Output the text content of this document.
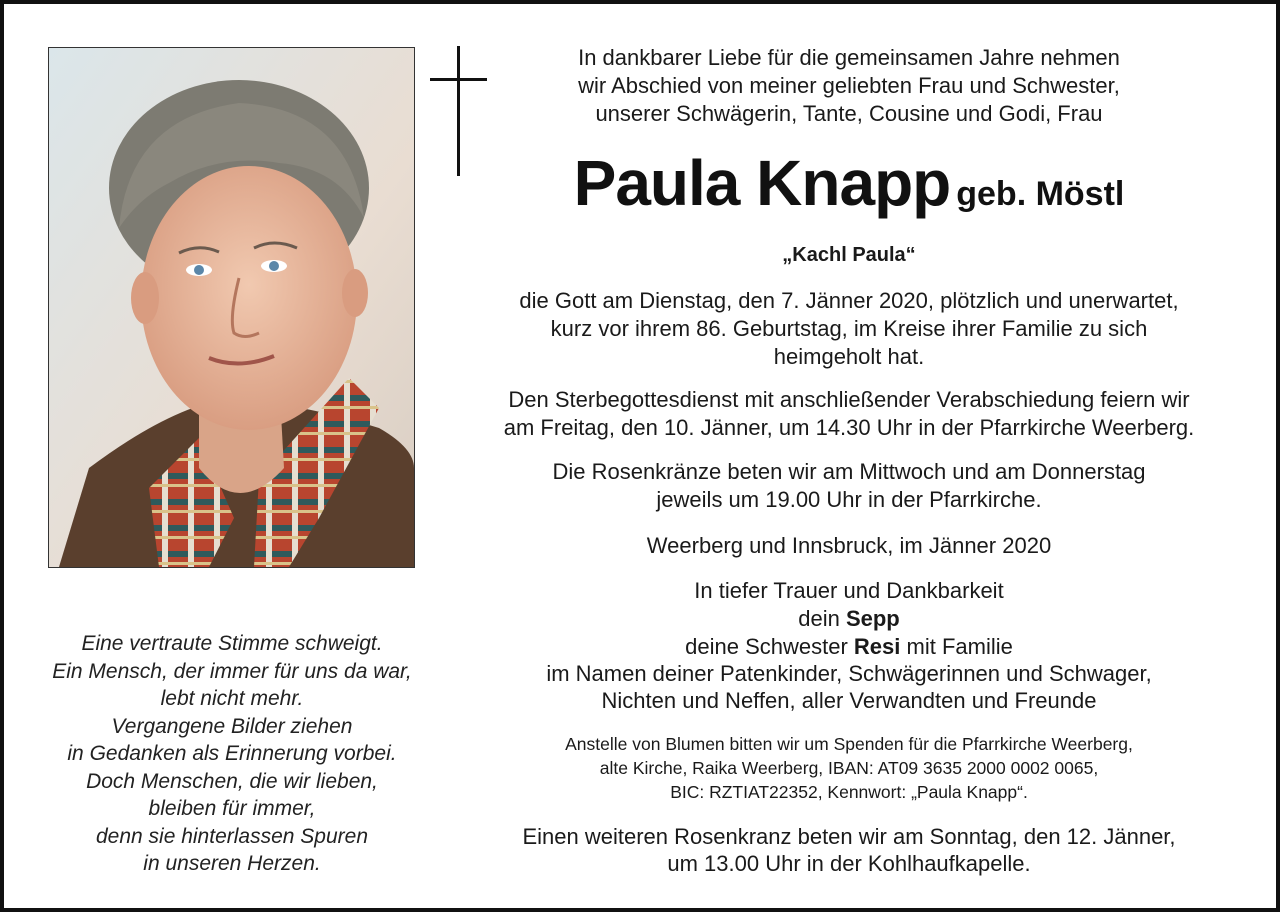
Eine vertraute Stimme schweigt.
Ein Mensch, der immer für uns da war,
lebt nicht mehr.
Vergangene Bilder ziehen
in Gedanken als Erinnerung vorbei.
Doch Menschen, die wir lieben,
bleiben für immer,
denn sie hinterlassen Spuren
in unseren Herzen.
In dankbarer Liebe für die gemeinsamen Jahre nehmen
wir Abschied von meiner geliebten Frau und Schwester,
unserer Schwägerin, Tante, Cousine und Godi, Frau
Paula Knapp geb. Möstl
„Kachl Paula“
die Gott am Dienstag, den 7. Jänner 2020, plötzlich und unerwartet,
kurz vor ihrem 86. Geburtstag, im Kreise ihrer Familie zu sich
heimgeholt hat.
Den Sterbegottesdienst mit anschließender Verabschiedung feiern wir
am Freitag, den 10. Jänner, um 14.30 Uhr in der Pfarrkirche Weerberg.
Die Rosenkränze beten wir am Mittwoch und am Donnerstag
jeweils um 19.00 Uhr in der Pfarrkirche.
Weerberg und Innsbruck, im Jänner 2020
In tiefer Trauer und Dankbarkeit
dein Sepp
deine Schwester Resi mit Familie
im Namen deiner Patenkinder, Schwägerinnen und Schwager,
Nichten und Neffen, aller Verwandten und Freunde
Anstelle von Blumen bitten wir um Spenden für die Pfarrkirche Weerberg,
alte Kirche, Raika Weerberg, IBAN: AT09 3635 2000 0002 0065,
BIC: RZTIAT22352, Kennwort: „Paula Knapp“.
Einen weiteren Rosenkranz beten wir am Sonntag, den 12. Jänner,
um 13.00 Uhr in der Kohlhaufkapelle.
